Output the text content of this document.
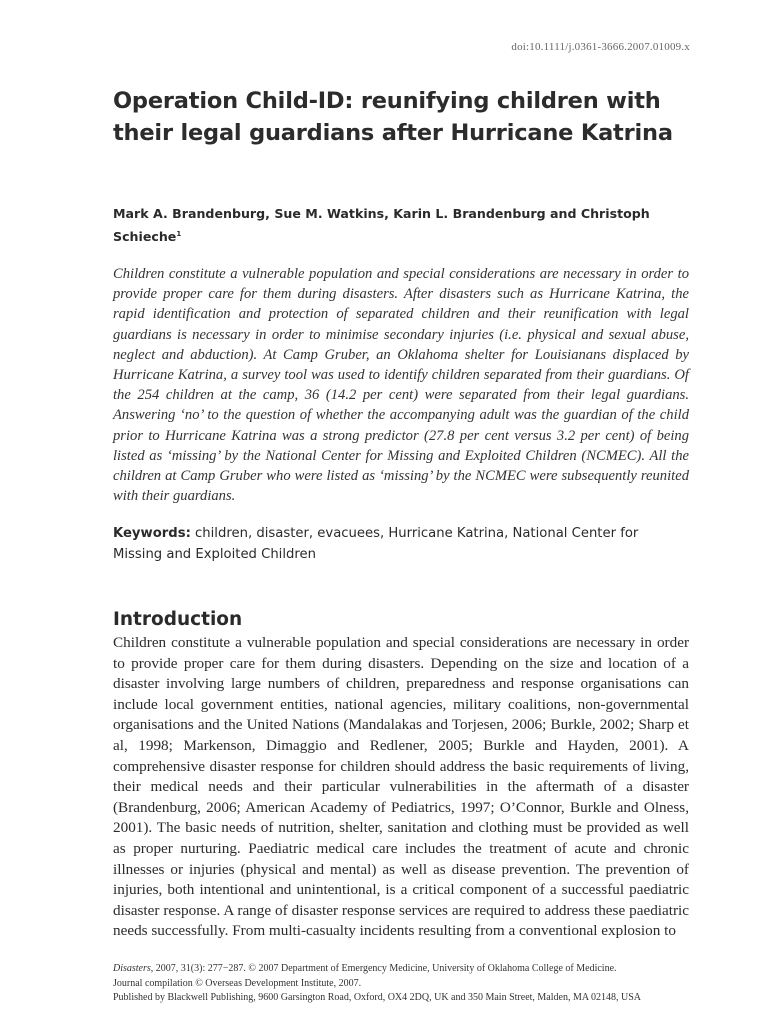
doi:10.1111/j.0361-3666.2007.01009.x
Operation Child-ID: reunifying children with their legal guardians after Hurricane Katrina

Mark A. Brandenburg, Sue M. Watkins, Karin L. Brandenburg and Christoph Schieche$^1$

Children constitute a vulnerable population and special considerations are necessary in order to provide proper care for them during disasters. After disasters such as Hurricane Katrina, the rapid identification and protection of separated children and their reunification with legal guardians is necessary in order to minimise secondary injuries (i.e. physical and sexual abuse, neglect and abduction). At Camp Gruber, an Oklahoma shelter for Louisianans displaced by Hurricane Katrina, a survey tool was used to identify children separated from their guardians. Of the 254 children at the camp, 36 (14.2 per cent) were separated from their legal guardians. Answering ‘no’ to the question of whether the accompanying adult was the guardian of the child prior to Hurricane Katrina was a strong predictor (27.8 per cent versus 3.2 per cent) of being listed as ‘missing’ by the National Center for Missing and Exploited Children (NCMEC). All the children at Camp Gruber who were listed as ‘missing’ by the NCMEC were subsequently reunited with their guardians.

Keywords: children, disaster, evacuees, Hurricane Katrina, National Center for Missing and Exploited Children

Introduction

Children constitute a vulnerable population and special considerations are necessary in order to provide proper care for them during disasters. Depending on the size and location of a disaster involving large numbers of children, preparedness and response organisations can include local government entities, national agencies, military coalitions, non-governmental organisations and the United Nations (Mandalakas and Torjesen, 2006; Burkle, 2002; Sharp et al, 1998; Markenson, Dimaggio and Redlener, 2005; Burkle and Hayden, 2001). A comprehensive disaster response for children should address the basic requirements of living, their medical needs and their particular vulnerabilities in the aftermath of a disaster (Brandenburg, 2006; American Academy of Pediatrics, 1997; O’Connor, Burkle and Olness, 2001). The basic needs of nutrition, shelter, sanitation and clothing must be provided as well as proper nurturing. Paediatric medical care includes the treatment of acute and chronic illnesses or injuries (physical and mental) as well as disease prevention. The prevention of injuries, both intentional and unintentional, is a critical component of a successful paediatric disaster response. A range of disaster response services are required to address these paediatric needs successfully. From multi-casualty incidents resulting from a conventional explosion to

Disasters, 2007, 31(3): 277−287. © 2007 Department of Emergency Medicine, University of Oklahoma College of Medicine.
Journal compilation © Overseas Development Institute, 2007.
Published by Blackwell Publishing, 9600 Garsington Road, Oxford, OX4 2DQ, UK and 350 Main Street, Malden, MA 02148, USA
